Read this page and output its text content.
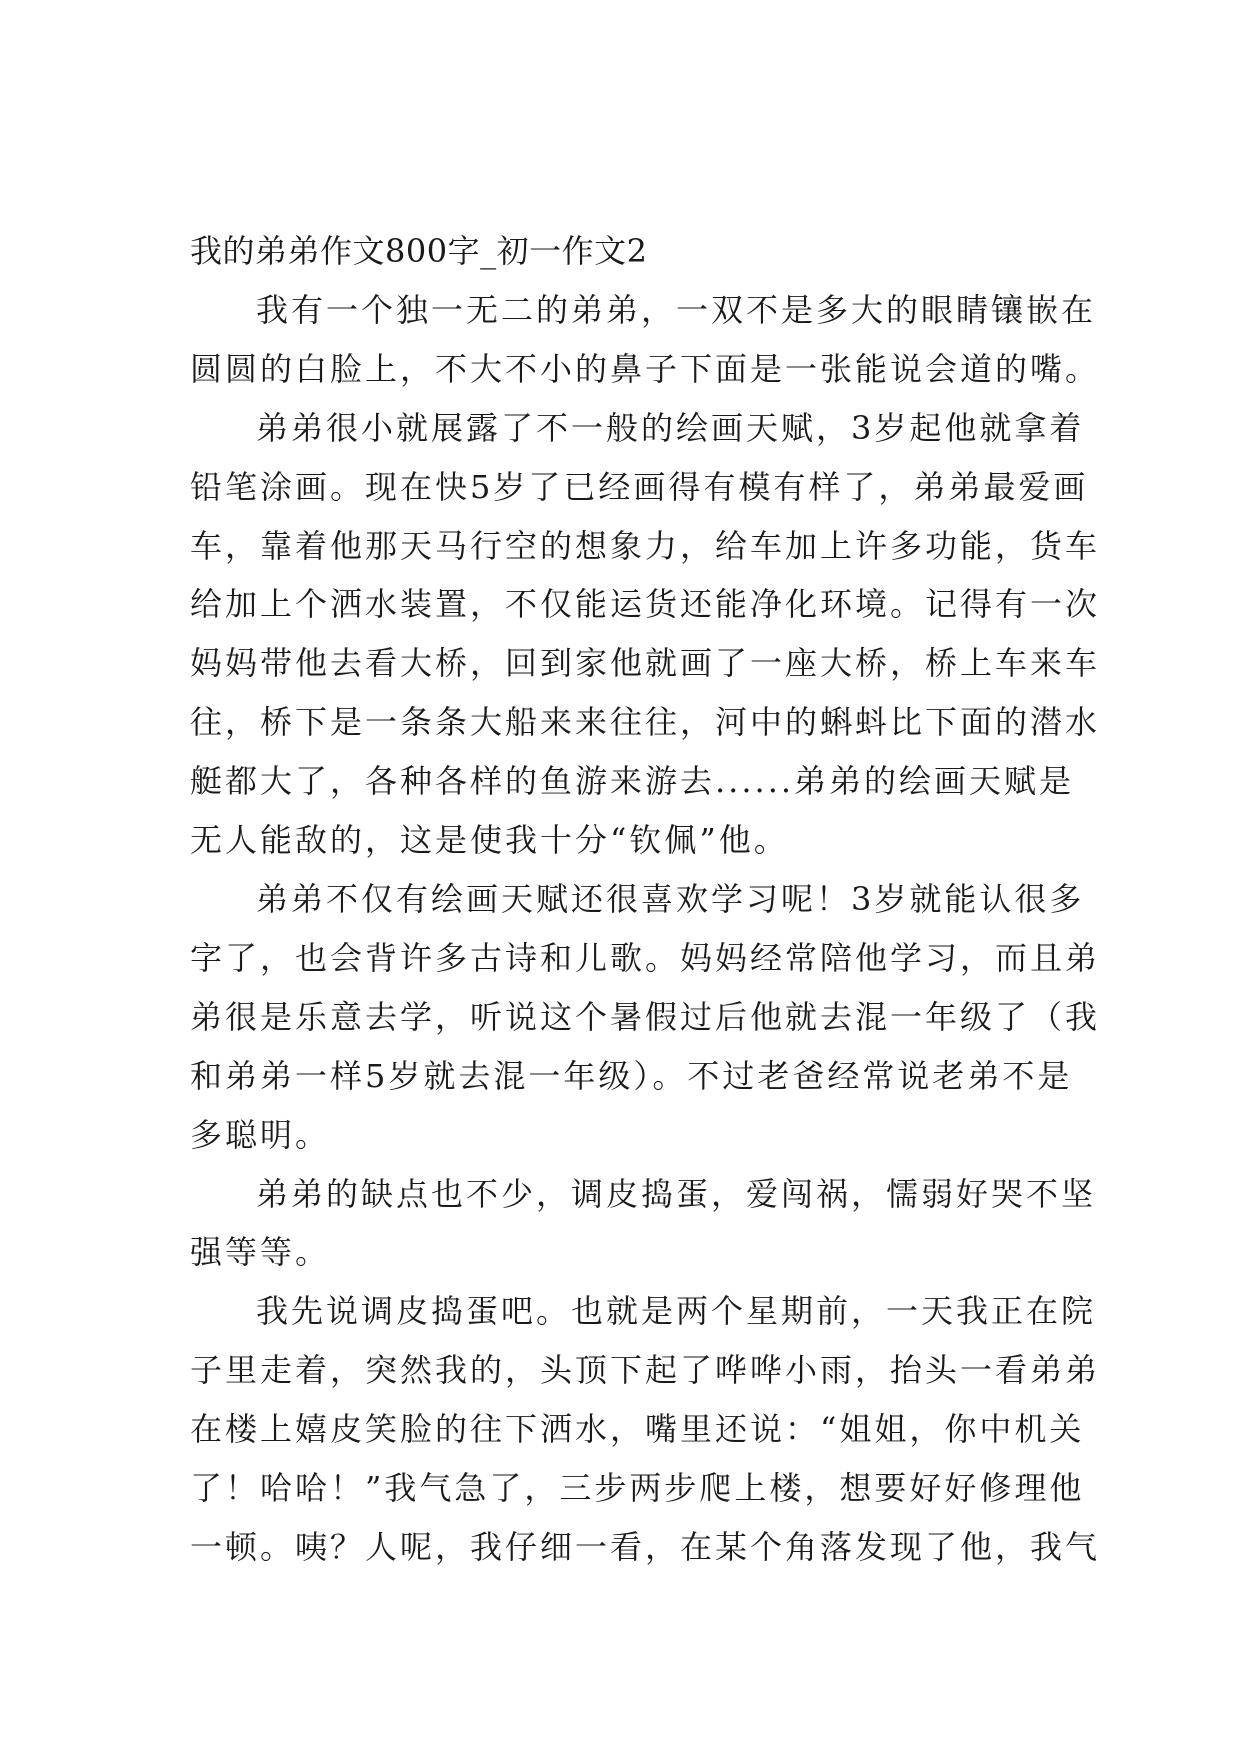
我的弟弟作文800字_初一作文2
我有一个独一无二的弟弟，一双不是多大的眼睛镶嵌在
圆圆的白脸上，不大不小的鼻子下面是一张能说会道的嘴。
弟弟很小就展露了不一般的绘画天赋，3岁起他就拿着
铅笔涂画。现在快5岁了已经画得有模有样了，弟弟最爱画
车，靠着他那天马行空的想象力，给车加上许多功能，货车
给加上个洒水装置，不仅能运货还能净化环境。记得有一次
妈妈带他去看大桥，回到家他就画了一座大桥，桥上车来车
往，桥下是一条条大船来来往往，河中的蝌蚪比下面的潜水
艇都大了，各种各样的鱼游来游去......弟弟的绘画天赋是
无人能敌的，这是使我十分“钦佩”他。
弟弟不仅有绘画天赋还很喜欢学习呢！3岁就能认很多
字了，也会背许多古诗和儿歌。妈妈经常陪他学习，而且弟
弟很是乐意去学，听说这个暑假过后他就去混一年级了（我
和弟弟一样5岁就去混一年级）。不过老爸经常说老弟不是
多聪明。
弟弟的缺点也不少，调皮捣蛋，爱闯祸，懦弱好哭不坚
强等等。
我先说调皮捣蛋吧。也就是两个星期前，一天我正在院
子里走着，突然我的，头顶下起了哗哗小雨，抬头一看弟弟
在楼上嬉皮笑脸的往下洒水，嘴里还说：“姐姐，你中机关
了！哈哈！”我气急了，三步两步爬上楼，想要好好修理他
一顿。咦？人呢，我仔细一看，在某个角落发现了他，我气
